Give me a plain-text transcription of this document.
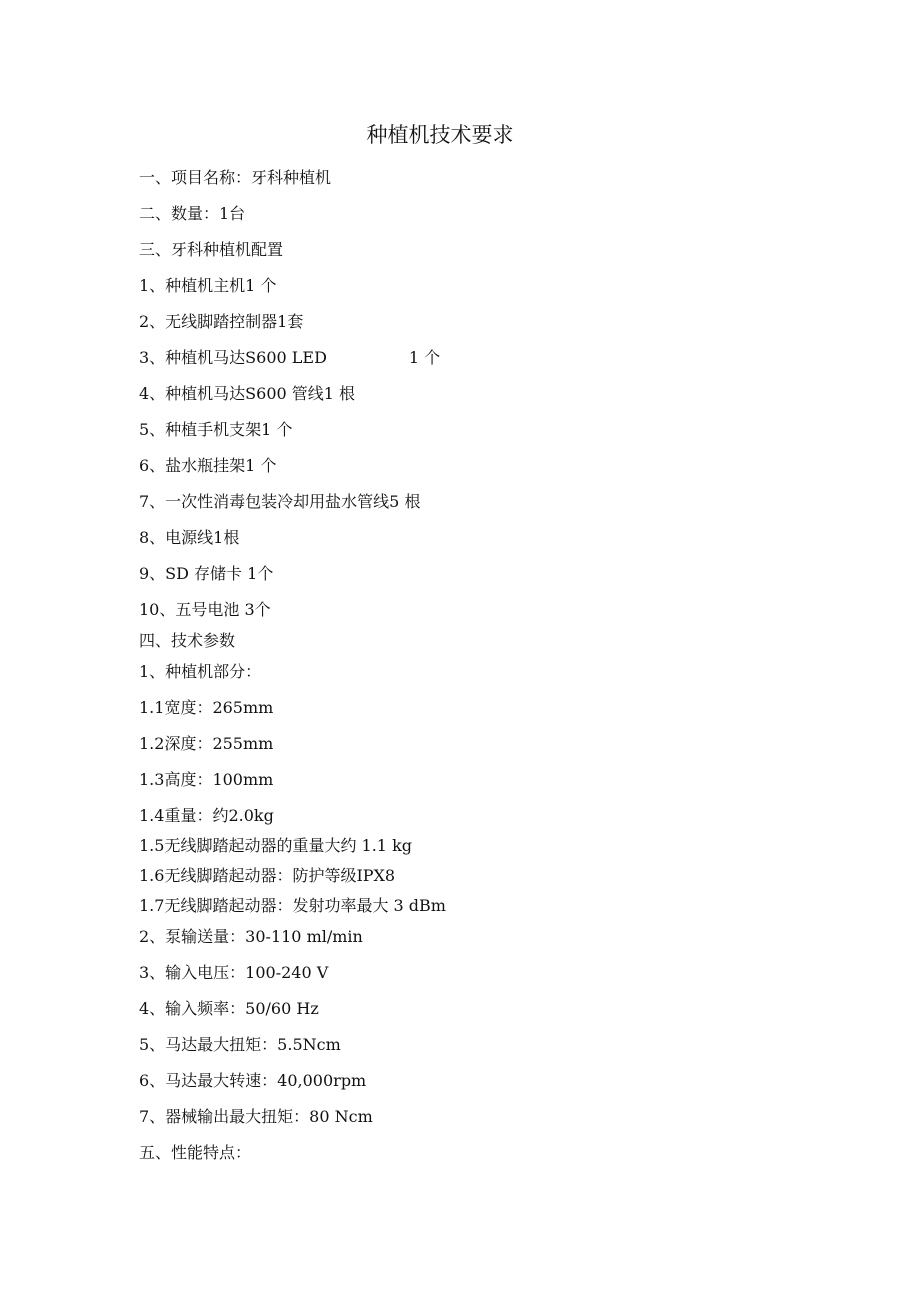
种植机技术要求
一、项目名称：牙科种植机
二、数量：1台
三、牙科种植机配置
1、种植机主机1 个
2、无线脚踏控制器1套
3、种植机马达S600 LED	1 个
4、种植机马达S600 管线1 根
5、种植手机支架1 个
6、盐水瓶挂架1 个
7、一次性消毒包装冷却用盐水管线5 根
8、电源线1根
9、SD 存储卡 1个
10、五号电池 3个
四、技术参数
1、种植机部分：
1.1宽度：265mm
1.2深度：255mm
1.3高度：100mm
1.4重量：约2.0kg
1.5无线脚踏起动器的重量大约 1.1 kg
1.6无线脚踏起动器：防护等级IPX8
1.7无线脚踏起动器：发射功率最大 3 dBm
2、泵输送量：30-110 ml/min
3、输入电压：100-240 V
4、输入频率：50/60 Hz
5、马达最大扭矩：5.5Ncm
6、马达最大转速：40,000rpm
7、器械输出最大扭矩：80 Ncm
五、性能特点：
